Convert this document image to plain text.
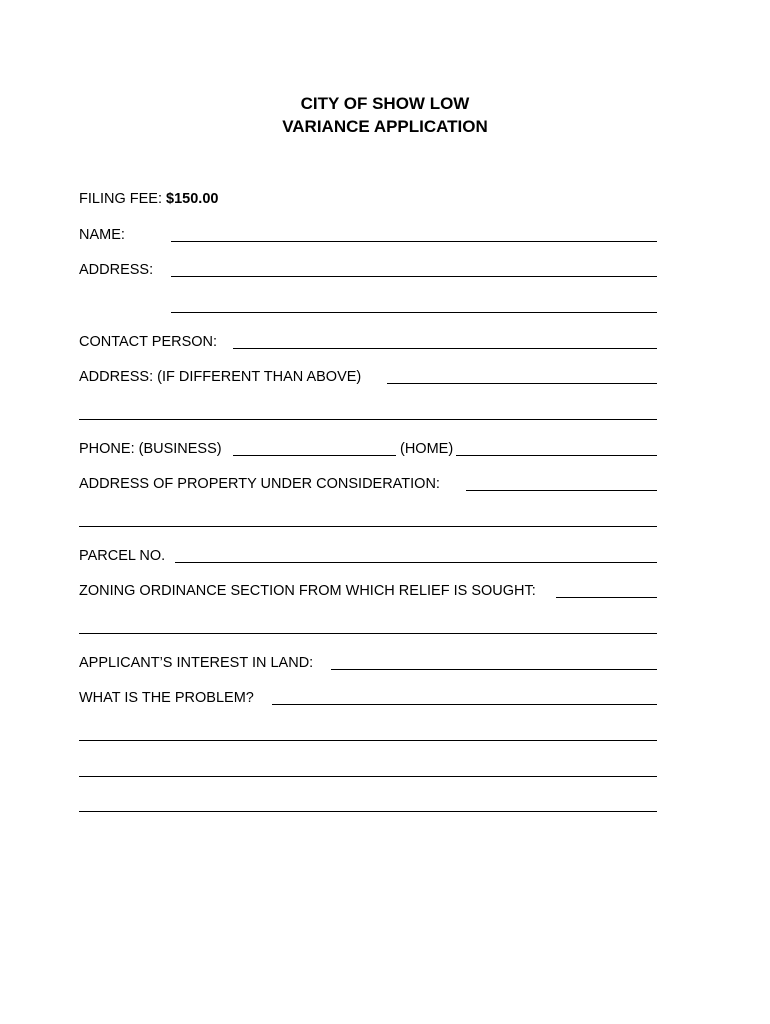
CITY OF SHOW LOW
VARIANCE APPLICATION
FILING FEE: $150.00
NAME:
ADDRESS:
CONTACT PERSON:
ADDRESS: (IF DIFFERENT THAN ABOVE)
PHONE: (BUSINESS)	(HOME)
ADDRESS OF PROPERTY UNDER CONSIDERATION:
PARCEL NO.
ZONING ORDINANCE SECTION FROM WHICH RELIEF IS SOUGHT:
APPLICANT’S INTEREST IN LAND:
WHAT IS THE PROBLEM?
